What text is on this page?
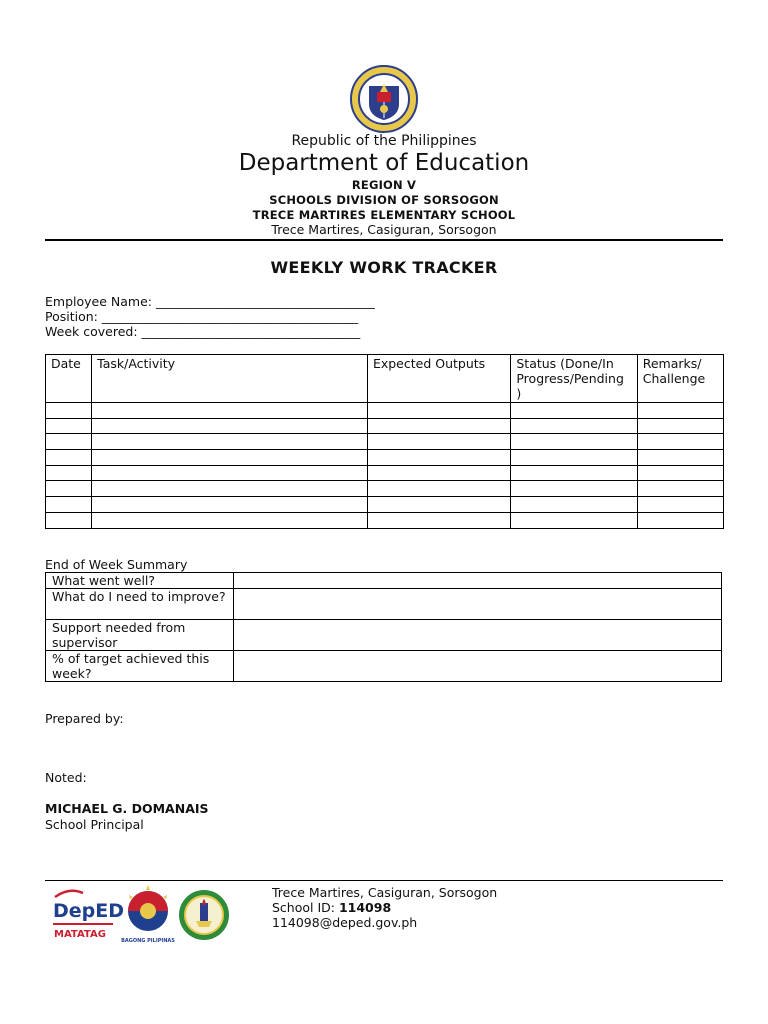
Republic of the Philippines
Department of Education
REGION V
SCHOOLS DIVISION OF SORSOGON
TRECE MARTIRES ELEMENTARY SCHOOL
Trece Martires, Casiguran, Sorsogon
WEEKLY WORK TRACKER
Employee Name: ___________________________________
Position: _________________________________________
Week covered: ___________________________________
Date	Task/Activity	Expected Outputs	Status (Done/In Progress/Pending )	Remarks/ Challenge

End of Week Summary
What went well?	
What do I need to improve?	
Support needed from supervisor	
% of target achieved this week?	
Prepared by:
Noted:
MICHAEL G. DOMANAIS
School Principal
DepED
MATATAG
BAGONG PILIPINAS
Trece Martires, Casiguran, Sorsogon
School ID: 114098
114098@deped.gov.ph
